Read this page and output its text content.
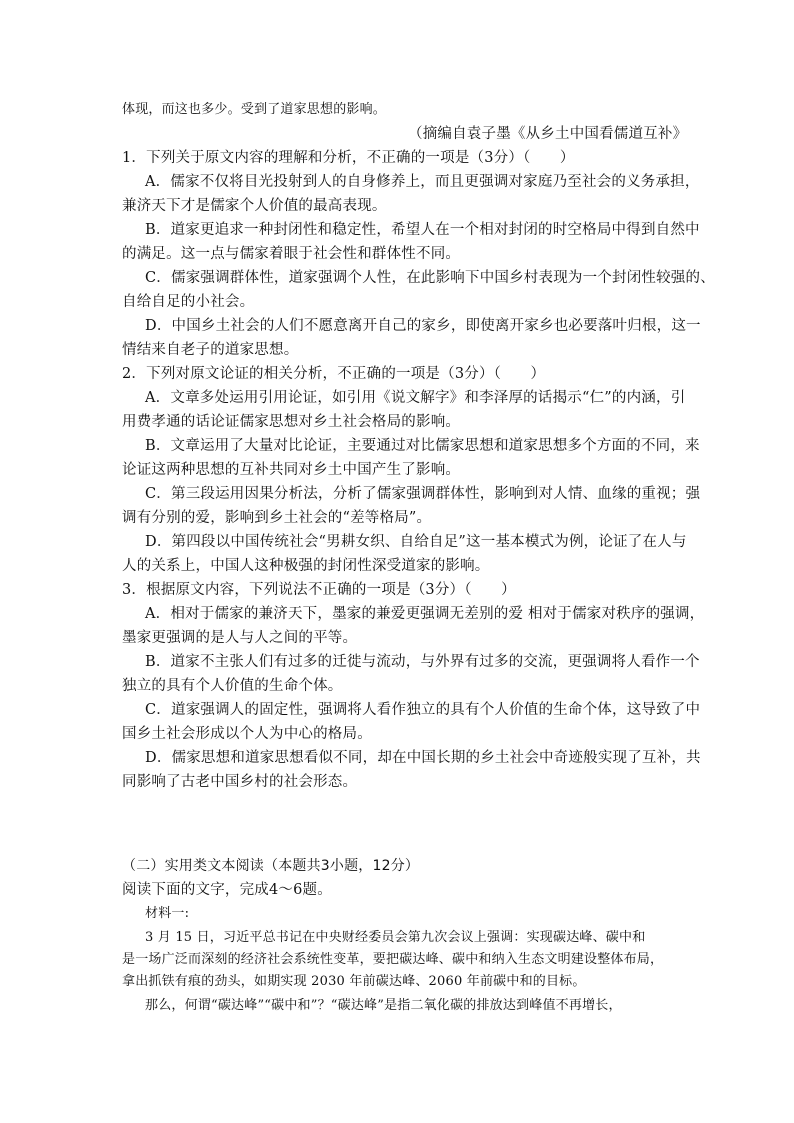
体现，而这也多少。受到了道家思想的影响。
（摘编自袁子墨《从乡土中国看儒道互补》
1．下列关于原文内容的理解和分析，不正确的一项是（3分）（　　）
A．儒家不仅将目光投射到人的自身修养上，而且更强调对家庭乃至社会的义务承担，
兼济天下才是儒家个人价值的最高表现。
B．道家更追求一种封闭性和稳定性，希望人在一个相对封闭的时空格局中得到自然中
的满足。这一点与儒家着眼于社会性和群体性不同。
C．儒家强调群体性，道家强调个人性，在此影响下中国乡村表现为一个封闭性较强的、
自给自足的小社会。
D．中国乡土社会的人们不愿意离开自己的家乡，即使离开家乡也必要落叶归根，这一
情结来自老子的道家思想。
2．下列对原文论证的相关分析，不正确的一项是（3分）（　　）
A．文章多处运用引用论证，如引用《说文解字》和李泽厚的话揭示“仁”的内涵，引
用费孝通的话论证儒家思想对乡土社会格局的影响。
B．文章运用了大量对比论证，主要通过对比儒家思想和道家思想多个方面的不同，来
论证这两种思想的互补共同对乡土中国产生了影响。
C．第三段运用因果分析法，分析了儒家强调群体性，影响到对人情、血缘的重视；强
调有分别的爱，影响到乡土社会的“差等格局”。
D．第四段以中国传统社会“男耕女织、自给自足”这一基本模式为例，论证了在人与
人的关系上，中国人这种极强的封闭性深受道家的影响。
3．根据原文内容，下列说法不正确的一项是（3分）（　　）
A．相对于儒家的兼济天下，墨家的兼爱更强调无差别的爱 相对于儒家对秩序的强调，
墨家更强调的是人与人之间的平等。
B．道家不主张人们有过多的迁徙与流动，与外界有过多的交流，更强调将人看作一个
独立的具有个人价值的生命个体。
C．道家强调人的固定性，强调将人看作独立的具有个人价值的生命个体，这导致了中
国乡土社会形成以个人为中心的格局。
D．儒家思想和道家思想看似不同，却在中国长期的乡土社会中奇迹般实现了互补，共
同影响了古老中国乡村的社会形态。
（二）实用类文本阅读（本题共3小题，12分）
阅读下面的文字，完成4～6题。
材料一:
3 月 15 日，习近平总书记在中央财经委员会第九次会议上强调：实现碳达峰、碳中和
是一场广泛而深刻的经济社会系统性变革，要把碳达峰、碳中和纳入生态文明建设整体布局，
拿出抓铁有痕的劲头，如期实现 2030 年前碳达峰、2060 年前碳中和的目标。
那么，何谓“碳达峰”“碳中和”？“碳达峰”是指二氧化碳的排放达到峰值不再增长，
